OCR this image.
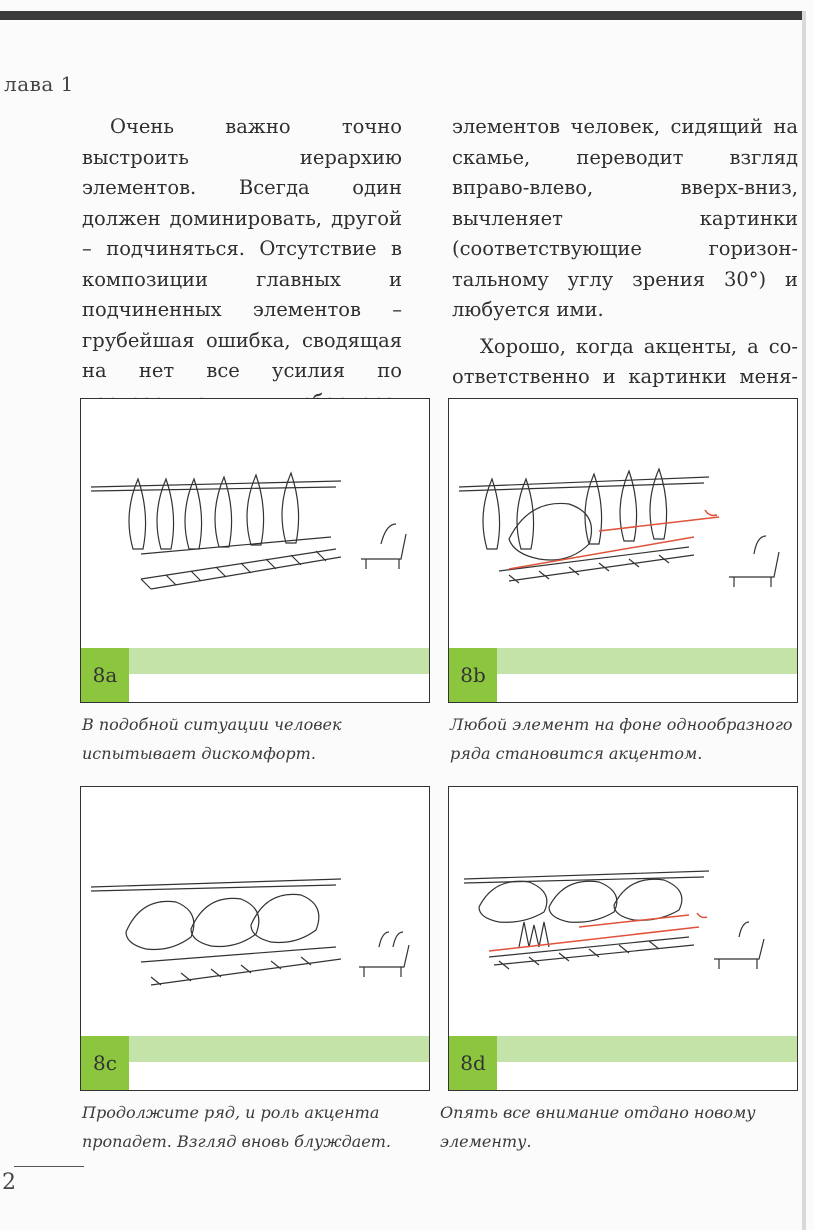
лава 1

Очень важно точно выстроить иерархию элементов. Всегда один должен доминировать, другой – подчиняться. Отсутствие в композиции главных и подчиненных элементов – грубейшая ошибка, сводящая на нет все усилия по

элементов человек, сидящий на скамье, переводит взгляд вправо-влево, вверх-вниз, вычленяет картинки (соответствующие горизонтальному углу зрения 30°) и любуется ими.

Хорошо, когда акценты, а соответственно и картинки меня

8a
В подобной ситуации человек испытывает дискомфорт.
8b
Любой элемент на фоне однообразного ряда становится акцентом.
8c
Продолжите ряд, и роль акцента пропадет. Взгляд вновь блуждает.
8d
Опять все внимание отдано новому элементу.
2
